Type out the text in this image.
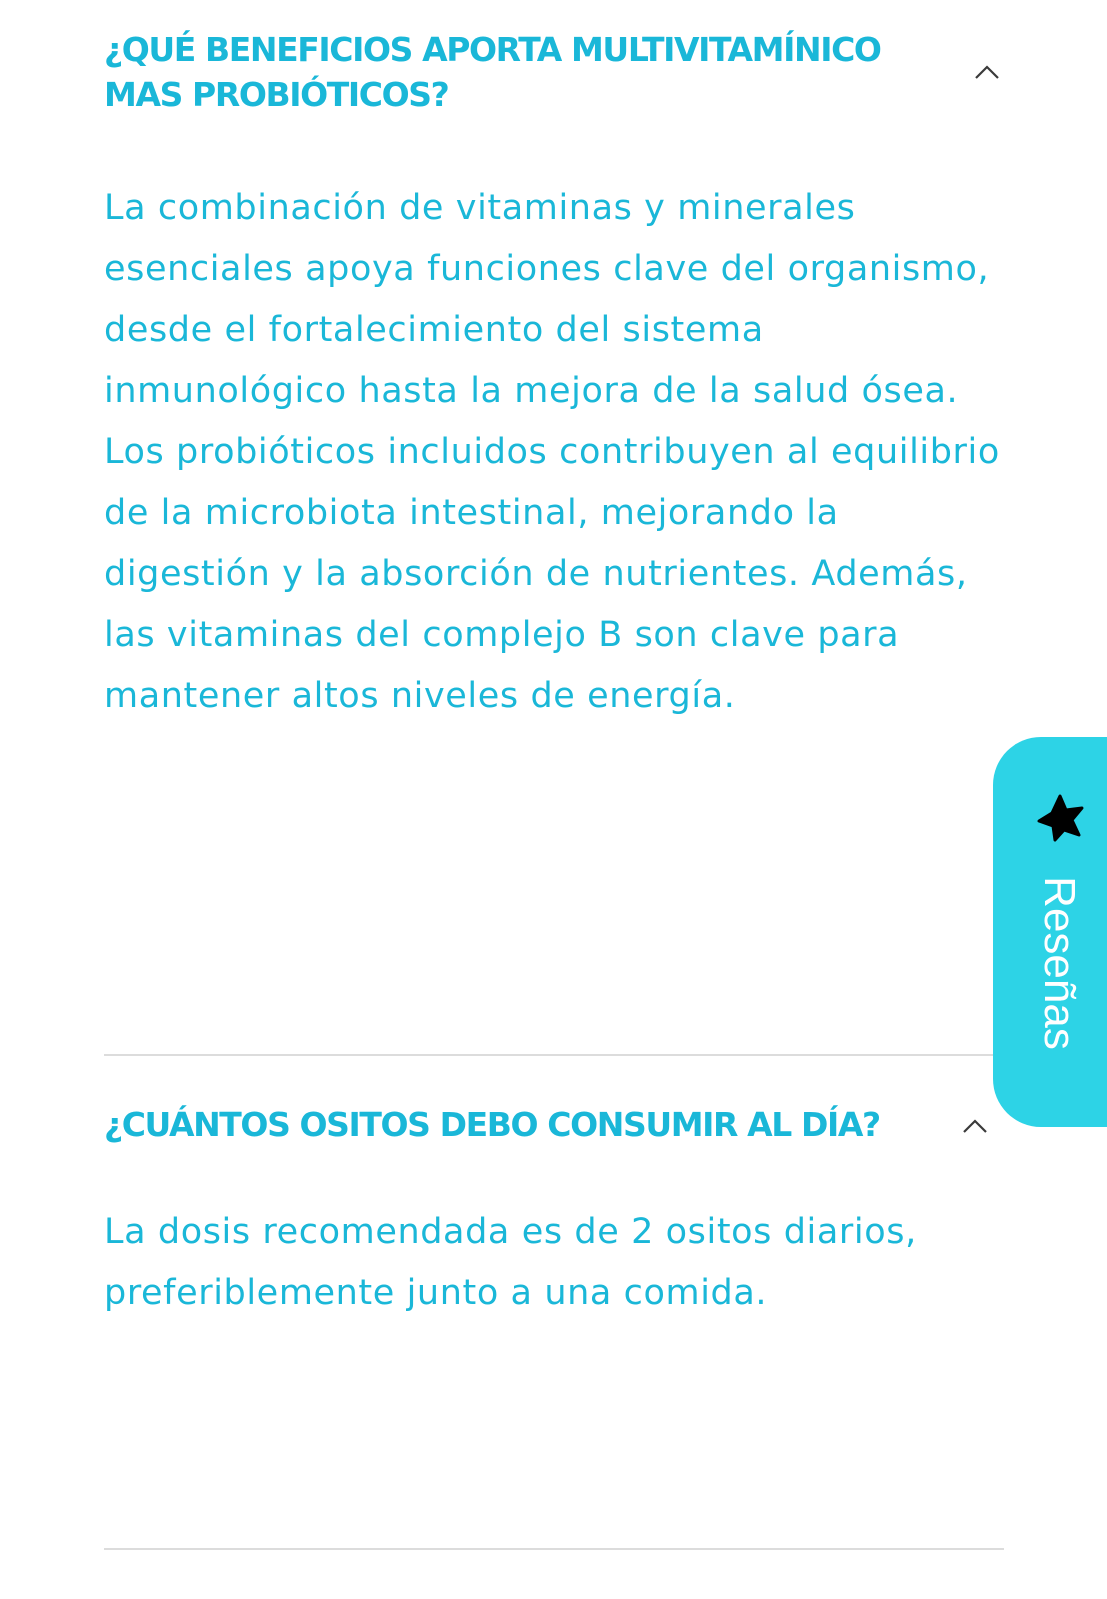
¿QUÉ BENEFICIOS APORTA MULTIVITAMÍNICO MAS PROBIÓTICOS?

La combinación de vitaminas y minerales esenciales apoya funciones clave del organismo, desde el fortalecimiento del sistema inmunológico hasta la mejora de la salud ósea. Los probióticos incluidos contribuyen al equilibrio de la microbiota intestinal, mejorando la digestión y la absorción de nutrientes. Además, las vitaminas del complejo B son clave para mantener altos niveles de energía.

¿CUÁNTOS OSITOS DEBO CONSUMIR AL DÍA?

La dosis recomendada es de 2 ositos diarios, preferiblemente junto a una comida.

Reseñas
